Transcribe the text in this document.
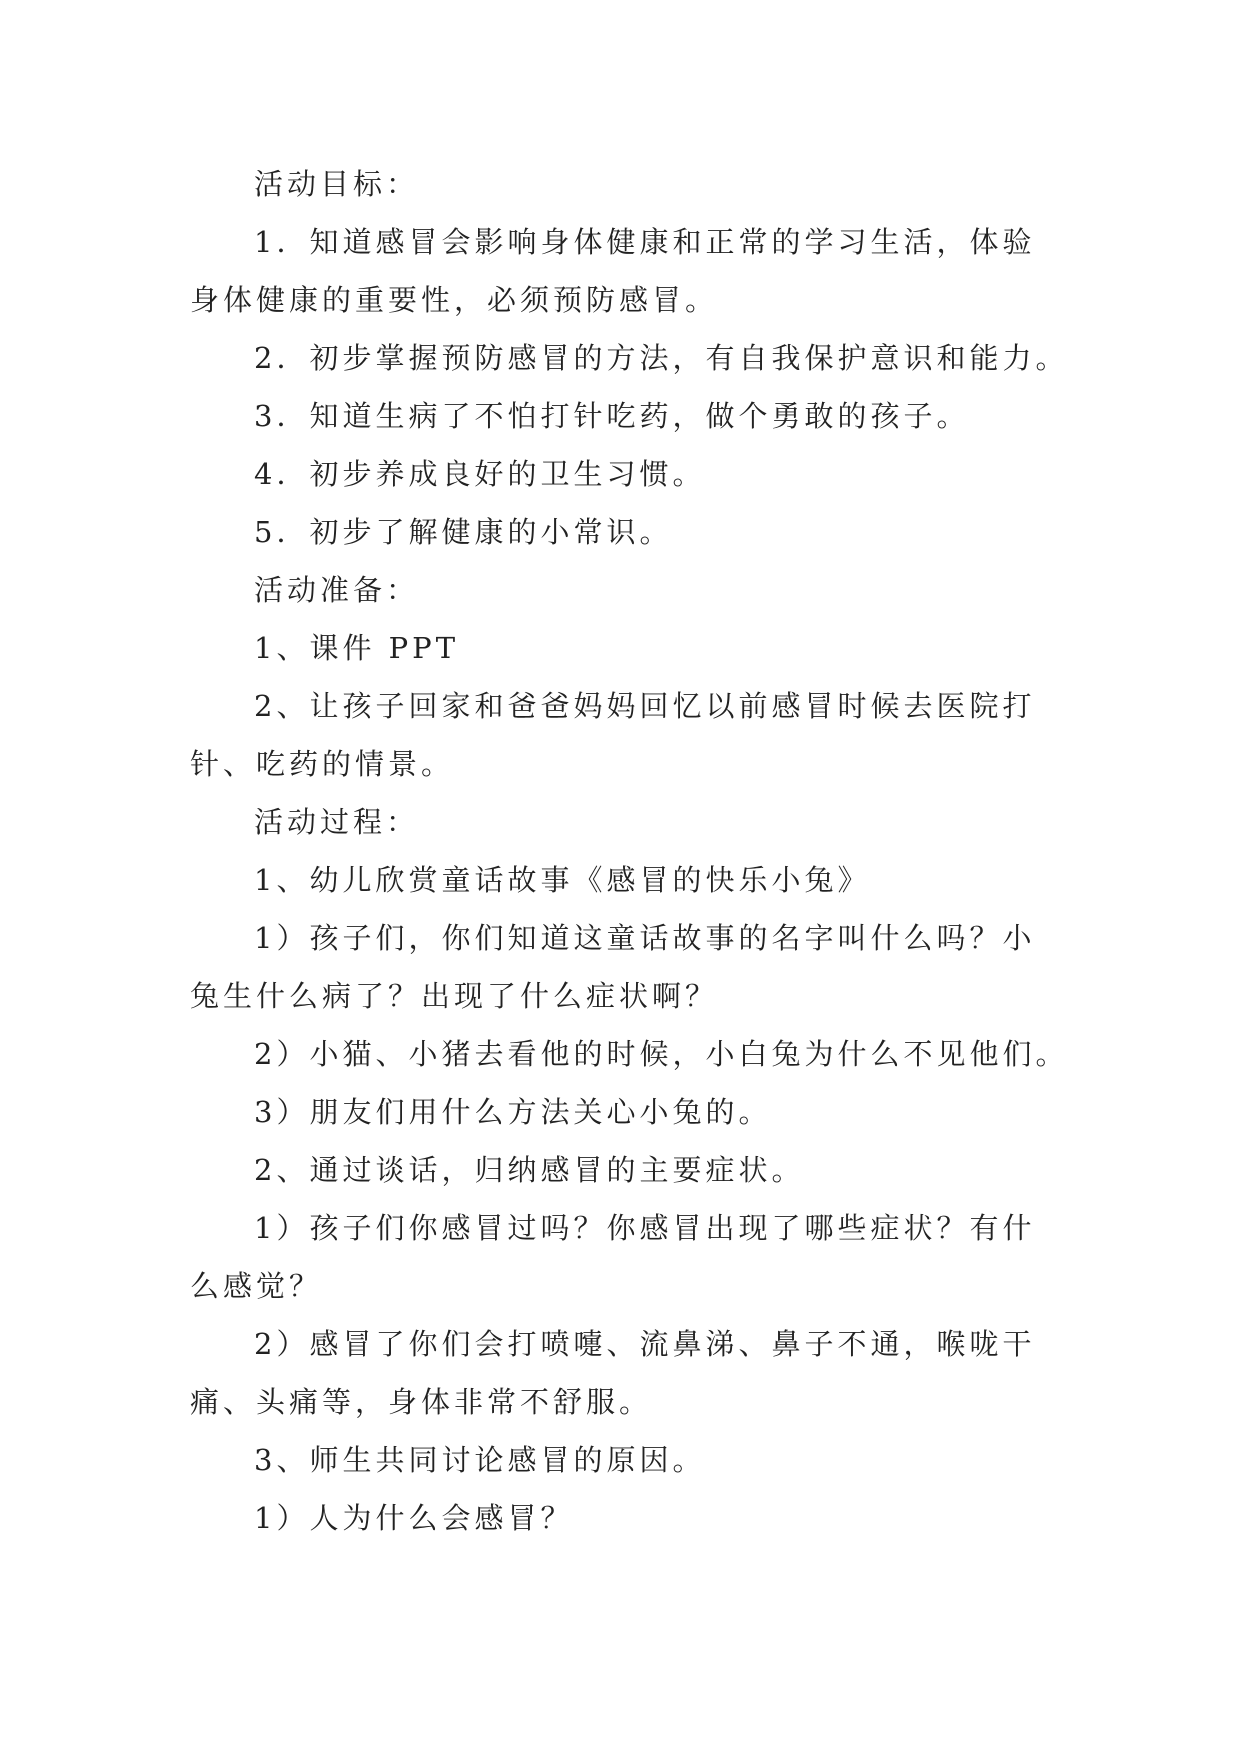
活动目标：

1．知道感冒会影响身体健康和正常的学习生活，体验

身体健康的重要性，必须预防感冒。

2．初步掌握预防感冒的方法，有自我保护意识和能力。

3．知道生病了不怕打针吃药，做个勇敢的孩子。

4．初步养成良好的卫生习惯。

5．初步了解健康的小常识。

活动准备：

1、课件 PPT

2、让孩子回家和爸爸妈妈回忆以前感冒时候去医院打

针、吃药的情景。

活动过程：

1、幼儿欣赏童话故事《感冒的快乐小兔》

1）孩子们，你们知道这童话故事的名字叫什么吗？小

兔生什么病了？出现了什么症状啊？

2）小猫、小猪去看他的时候，小白兔为什么不见他们。

3）朋友们用什么方法关心小兔的。

2、通过谈话，归纳感冒的主要症状。

1）孩子们你感冒过吗？你感冒出现了哪些症状？有什

么感觉？

2）感冒了你们会打喷嚏、流鼻涕、鼻子不通，喉咙干

痛、头痛等，身体非常不舒服。

3、师生共同讨论感冒的原因。

1）人为什么会感冒？
